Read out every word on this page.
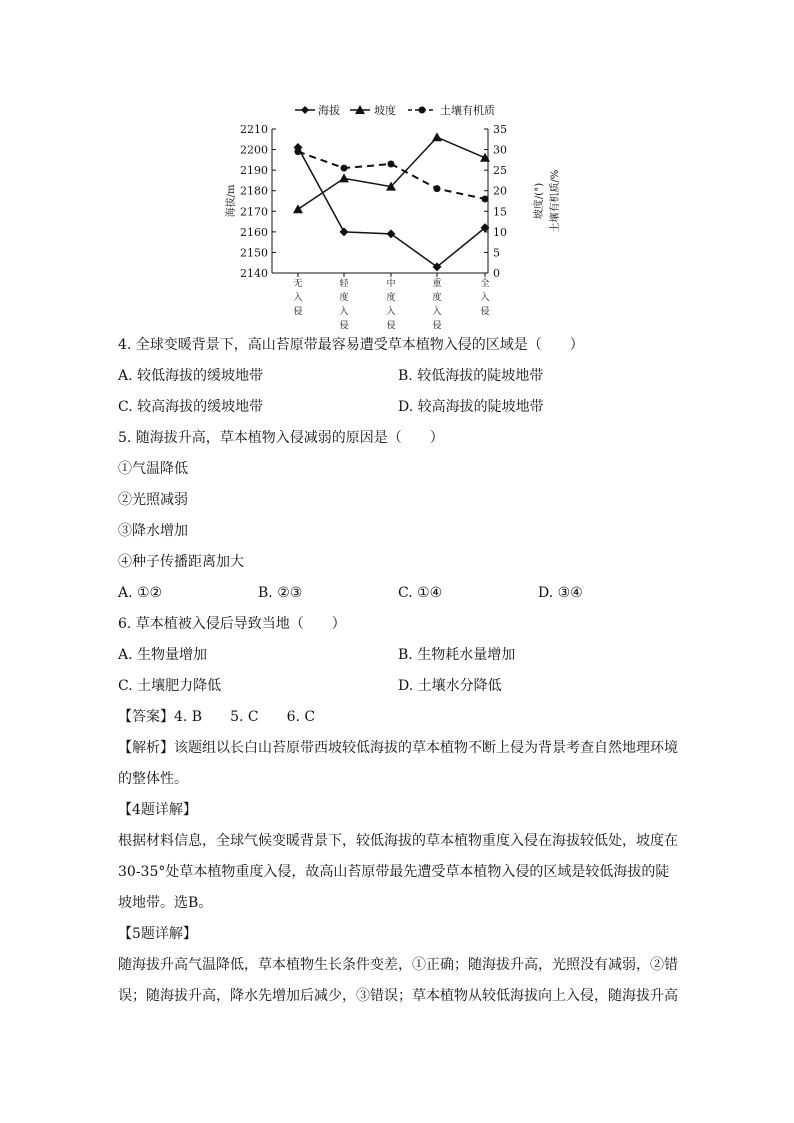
海拔	坡度	土壤有机质
2140
2150
2160
2170
2180
2190
2200
2210
0
5
10
15
20
25
30
35
无
入
侵
轻
度
入
侵
中
度
入
侵
重
度
入
侵
全
入
侵
海拔/m	坡度/(°) 土壤有机质/%
4. 全球变暖背景下，高山苔原带最容易遭受草本植物入侵的区域是（　　）
A. 较低海拔的缓坡地带	B. 较低海拔的陡坡地带
C. 较高海拔的缓坡地带	D. 较高海拔的陡坡地带
5. 随海拔升高，草本植物入侵减弱的原因是（　　）
①气温降低
②光照减弱
③降水增加
④种子传播距离加大
A. ①②	B. ②③	C. ①④	D. ③④
6. 草本植被入侵后导致当地（　　）
A. 生物量增加	B. 生物耗水量增加
C. 土壤肥力降低	D. 土壤水分降低
【答案】4. B　　5. C　　6. C
【解析】该题组以长白山苔原带西坡较低海拔的草本植物不断上侵为背景考查自然地理环境的整体性。
【4题详解】
根据材料信息，全球气候变暖背景下，较低海拔的草本植物重度入侵在海拔较低处，坡度在30-35°处草本植物重度入侵，故高山苔原带最先遭受草本植物入侵的区域是较低海拔的陡坡地带。选B。
【5题详解】
随海拔升高气温降低，草本植物生长条件变差，①正确；随海拔升高，光照没有减弱，②错误；随海拔升高，降水先增加后减少，③错误；草本植物从较低海拔向上入侵，随海拔升高
